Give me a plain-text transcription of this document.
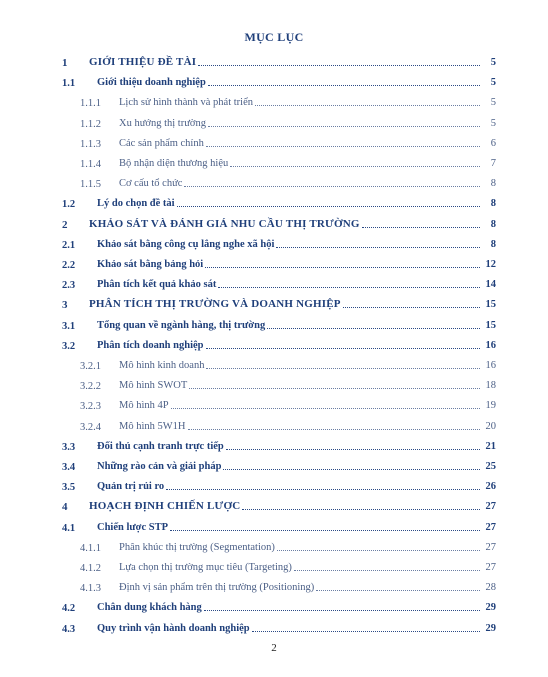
MỤC LỤC
1 GIỚI THIỆU ĐỀ TÀI	5
1.1 Giới thiệu doanh nghiệp	5
1.1.1 Lịch sử hình thành và phát triển	5
1.1.2 Xu hướng thị trường	5
1.1.3 Các sản phẩm chính	6
1.1.4 Bộ nhận diện thương hiệu	7
1.1.5 Cơ cấu tổ chức	8
1.2 Lý do chọn đề tài	8
2 KHẢO SÁT VÀ ĐÁNH GIÁ NHU CẦU THỊ TRƯỜNG	8
2.1 Khảo sát bằng công cụ lắng nghe xã hội	8
2.2 Khảo sát bằng bảng hỏi	12
2.3 Phân tích kết quả khảo sát	14
3 PHÂN TÍCH THỊ TRƯỜNG VÀ DOANH NGHIỆP	15
3.1 Tổng quan về ngành hàng, thị trường	15
3.2 Phân tích doanh nghiệp	16
3.2.1 Mô hình kinh doanh	16
3.2.2 Mô hình SWOT	18
3.2.3 Mô hình 4P	19
3.2.4 Mô hình 5W1H	20
3.3 Đối thủ cạnh tranh trực tiếp	21
3.4 Những rào cản và giải pháp	25
3.5 Quản trị rủi ro	26
4 HOẠCH ĐỊNH CHIẾN LƯỢC	27
4.1 Chiến lược STP	27
4.1.1 Phân khúc thị trường (Segmentation)	27
4.1.2 Lựa chọn thị trường mục tiêu (Targeting)	27
4.1.3 Định vị sản phẩm trên thị trường (Positioning)	28
4.2 Chân dung khách hàng	29
4.3 Quy trình vận hành doanh nghiệp	29
2
